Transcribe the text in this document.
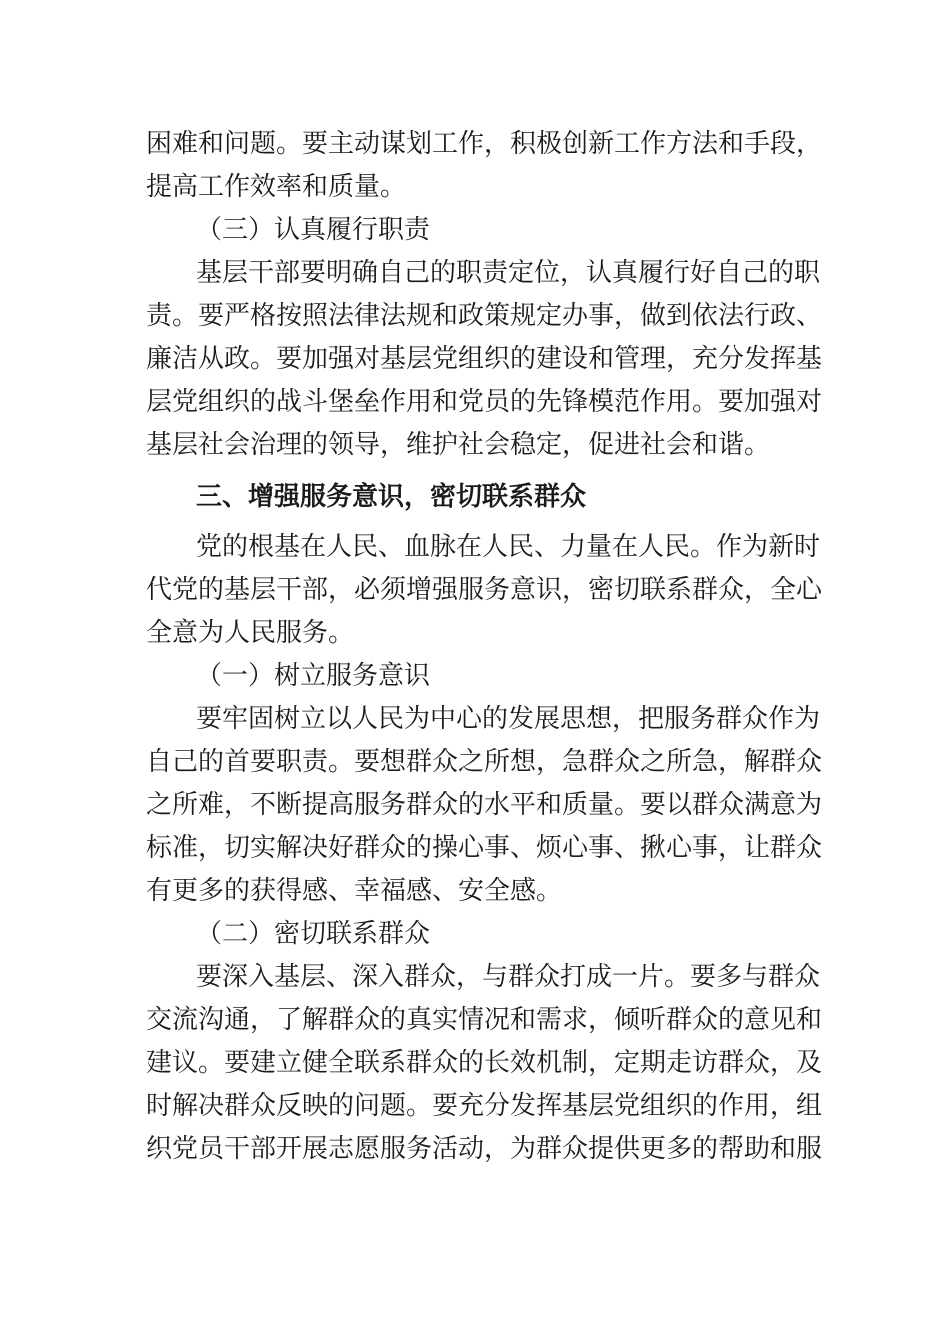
困难和问题。要主动谋划工作，积极创新工作方法和手段，
提高工作效率和质量。
（三）认真履行职责
基层干部要明确自己的职责定位，认真履行好自己的职
责。要严格按照法律法规和政策规定办事，做到依法行政、
廉洁从政。要加强对基层党组织的建设和管理，充分发挥基
层党组织的战斗堡垒作用和党员的先锋模范作用。要加强对
基层社会治理的领导，维护社会稳定，促进社会和谐。
三、增强服务意识，密切联系群众
党的根基在人民、血脉在人民、力量在人民。作为新时
代党的基层干部，必须增强服务意识，密切联系群众，全心
全意为人民服务。
（一）树立服务意识
要牢固树立以人民为中心的发展思想，把服务群众作为
自己的首要职责。要想群众之所想，急群众之所急，解群众
之所难，不断提高服务群众的水平和质量。要以群众满意为
标准，切实解决好群众的操心事、烦心事、揪心事，让群众
有更多的获得感、幸福感、安全感。
（二）密切联系群众
要深入基层、深入群众，与群众打成一片。要多与群众
交流沟通，了解群众的真实情况和需求，倾听群众的意见和
建议。要建立健全联系群众的长效机制，定期走访群众，及
时解决群众反映的问题。要充分发挥基层党组织的作用，组
织党员干部开展志愿服务活动，为群众提供更多的帮助和服
